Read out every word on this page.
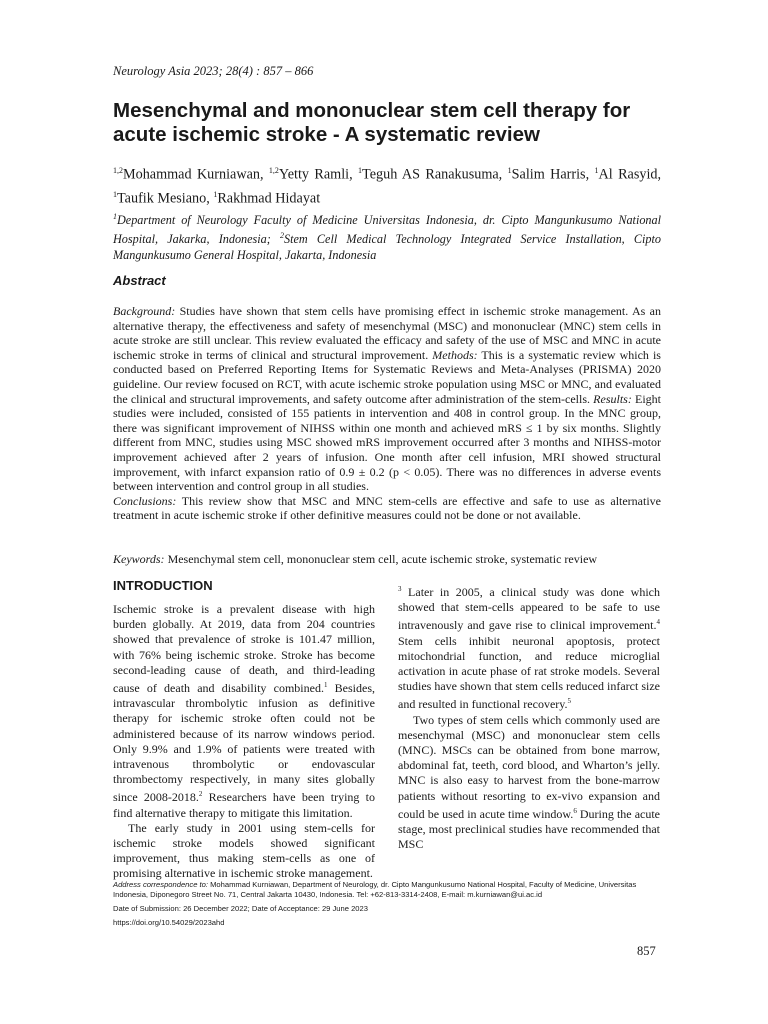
Neurology Asia 2023; 28(4) : 857 – 866
Mesenchymal and mononuclear stem cell therapy for acute ischemic stroke - A systematic review
$^{1,2}$Mohammad Kurniawan, $^{1,2}$Yetty Ramli, $^1$Teguh AS Ranakusuma, $^1$Salim Harris, $^1$Al Rasyid, $^1$Taufik Mesiano, $^1$Rakhmad Hidayat
$^1$Department of Neurology Faculty of Medicine Universitas Indonesia, dr. Cipto Mangunkusumo National Hospital, Jakarka, Indonesia; $^2$Stem Cell Medical Technology Integrated Service Installation, Cipto Mangunkusumo General Hospital, Jakarta, Indonesia
Abstract

Background: Studies have shown that stem cells have promising effect in ischemic stroke management. As an alternative therapy, the effectiveness and safety of mesenchymal (MSC) and mononuclear (MNC) stem cells in acute stroke are still unclear. This review evaluated the efficacy and safety of the use of MSC and MNC in acute ischemic stroke in terms of clinical and structural improvement. Methods: This is a systematic review which is conducted based on Preferred Reporting Items for Systematic Reviews and Meta-Analyses (PRISMA) 2020 guideline. Our review focused on RCT, with acute ischemic stroke population using MSC or MNC, and evaluated the clinical and structural improvements, and safety outcome after administration of the stem-cells. Results: Eight studies were included, consisted of 155 patients in intervention and 408 in control group. In the MNC group, there was significant improvement of NIHSS within one month and achieved mRS ≤ 1 by six months. Slightly different from MNC, studies using MSC showed mRS improvement occurred after 3 months and NIHSS-motor improvement achieved after 2 years of infusion. One month after cell infusion, MRI showed structural improvement, with infarct expansion ratio of 0.9 ± 0.2 (p < 0.05). There was no differences in adverse events between intervention and control group in all studies.

Conclusions: This review show that MSC and MNC stem-cells are effective and safe to use as alternative treatment in acute ischemic stroke if other definitive measures could not be done or not available.

Keywords: Mesenchymal stem cell, mononuclear stem cell, acute ischemic stroke, systematic review
INTRODUCTION

Ischemic stroke is a prevalent disease with high burden globally. At 2019, data from 204 countries showed that prevalence of stroke is 101.47 million, with 76% being ischemic stroke. Stroke has become second-leading cause of death, and third-leading cause of death and disability combined.$^1$ Besides, intravascular thrombolytic infusion as definitive therapy for ischemic stroke often could not be administered because of its narrow windows period. Only 9.9% and 1.9% of patients were treated with intravenous thrombolytic or endovascular thrombectomy respectively, in many sites globally since 2008-2018.$^2$ Researchers have been trying to find alternative therapy to mitigate this limitation.

The early study in 2001 using stem-cells for ischemic stroke models showed significant improvement, thus making stem-cells as one of promising alternative in ischemic stroke management.

$^3$ Later in 2005, a clinical study was done which showed that stem-cells appeared to be safe to use intravenously and gave rise to clinical improvement.$^4$ Stem cells inhibit neuronal apoptosis, protect mitochondrial function, and reduce microglial activation in acute phase of rat stroke models. Several studies have shown that stem cells reduced infarct size and resulted in functional recovery.$^5$

Two types of stem cells which commonly used are mesenchymal (MSC) and mononuclear stem cells (MNC). MSCs can be obtained from bone marrow, abdominal fat, teeth, cord blood, and Wharton’s jelly. MNC is also easy to harvest from the bone-marrow patients without resorting to ex-vivo expansion and could be used in acute time window.$^6$ During the acute stage, most preclinical studies have recommended that MSC

Address correspondence to: Mohammad Kurniawan, Department of Neurology, dr. Cipto Mangunkusumo National Hospital, Faculty of Medicine, Universitas Indonesia, Diponegoro Street No. 71, Central Jakarta 10430, Indonesia. Tel: +62-813-3314-2408, E-mail: m.kurniawan@ui.ac.id
Date of Submission: 26 December 2022; Date of Acceptance: 29 June 2023
https://doi.org/10.54029/2023ahd
857
